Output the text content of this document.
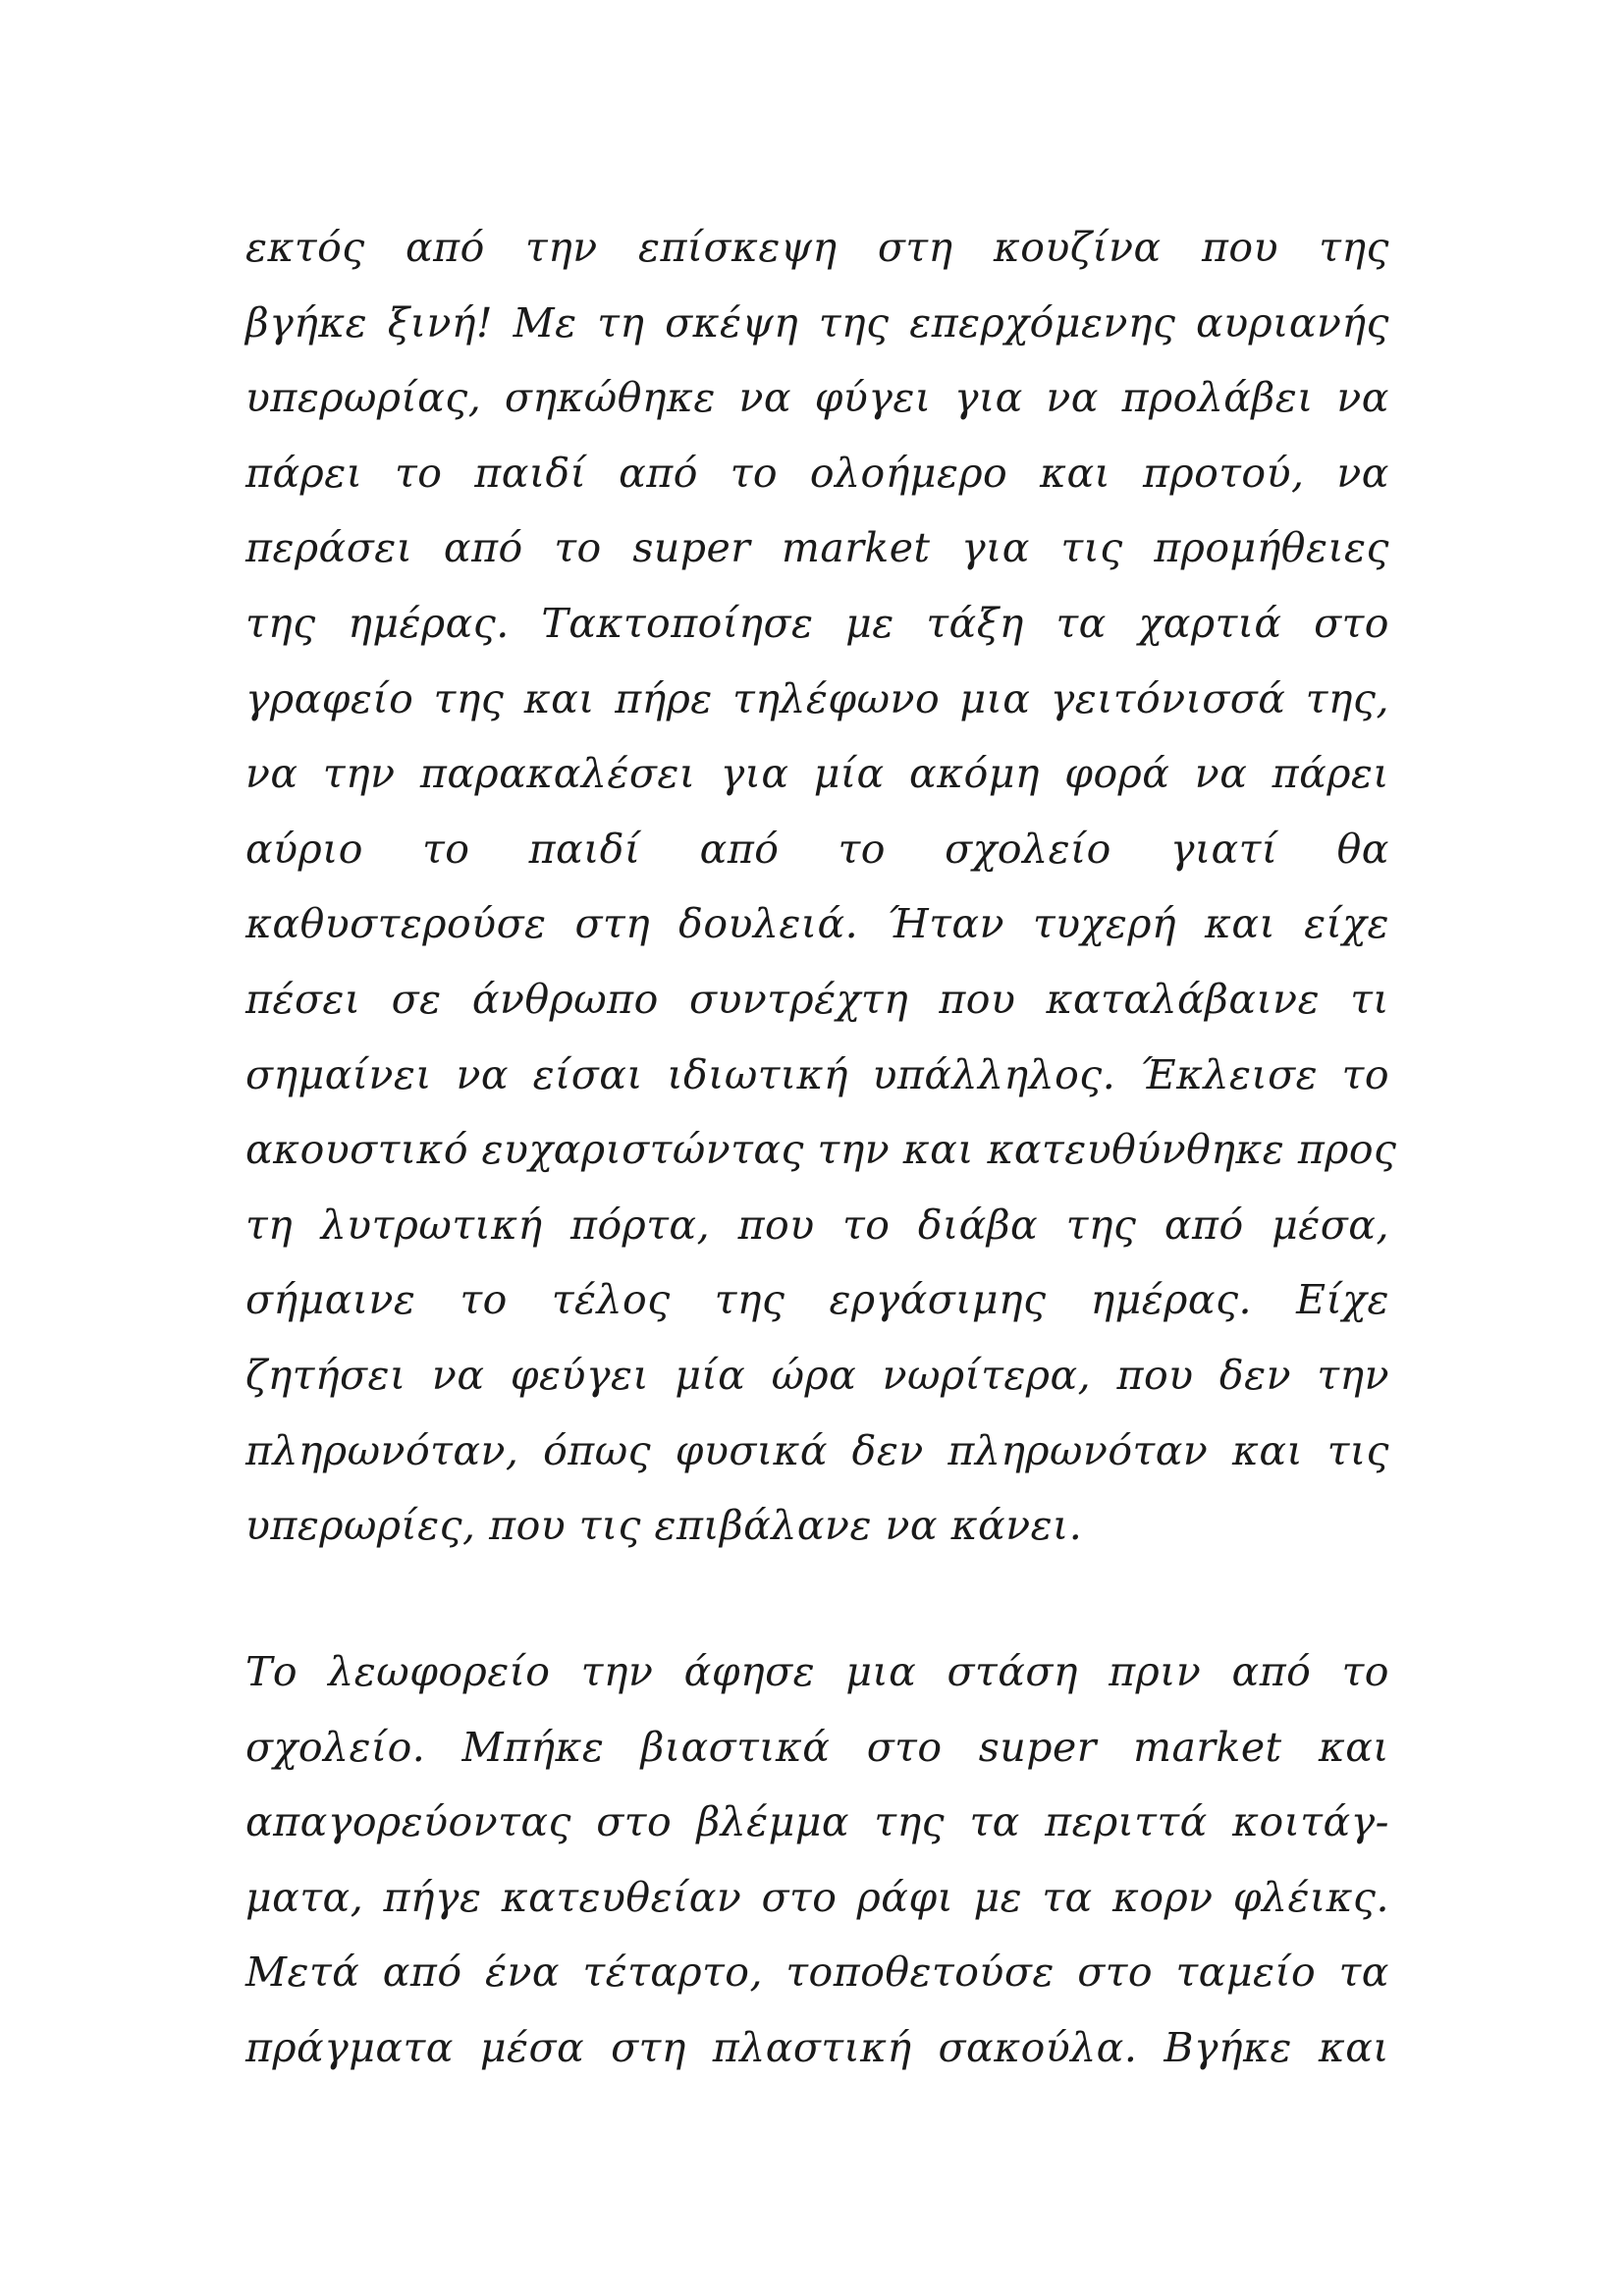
εκτός από την επίσκεψη στη κουζίνα που της
βγήκε ξινή! Με τη σκέψη της επερχόμενης αυριανής
υπερωρίας, σηκώθηκε να φύγει για να προλάβει να
πάρει το παιδί από το ολοήμερο και προτού, να
περάσει από το super market για τις προμήθειες
της ημέρας. Τακτοποίησε με τάξη τα χαρτιά στο
γραφείο της και πήρε τηλέφωνο μια γειτόνισσά της,
να την παρακαλέσει για μία ακόμη φορά να πάρει
αύριο το παιδί από το σχολείο γιατί θα
καθυστερούσε στη δουλειά. Ήταν τυχερή και είχε
πέσει σε άνθρωπο συντρέχτη που καταλάβαινε τι
σημαίνει να είσαι ιδιωτική υπάλληλος. Έκλεισε το
ακουστικό ευχαριστώντας την και κατευθύνθηκε προς
τη λυτρωτική πόρτα, που το διάβα της από μέσα,
σήμαινε το τέλος της εργάσιμης ημέρας. Είχε
ζητήσει να φεύγει μία ώρα νωρίτερα, που δεν την
πληρωνόταν, όπως φυσικά δεν πληρωνόταν και τις
υπερωρίες, που τις επιβάλανε να κάνει.
Το λεωφορείο την άφησε μια στάση πριν από το
σχολείο. Μπήκε βιαστικά στο super market και
απαγορεύοντας στο βλέμμα της τα περιττά κοιτάγ-
ματα, πήγε κατευθείαν στο ράφι με τα κορν φλέικς.
Μετά από ένα τέταρτο, τοποθετούσε στο ταμείο τα
πράγματα μέσα στη πλαστική σακούλα. Βγήκε και
